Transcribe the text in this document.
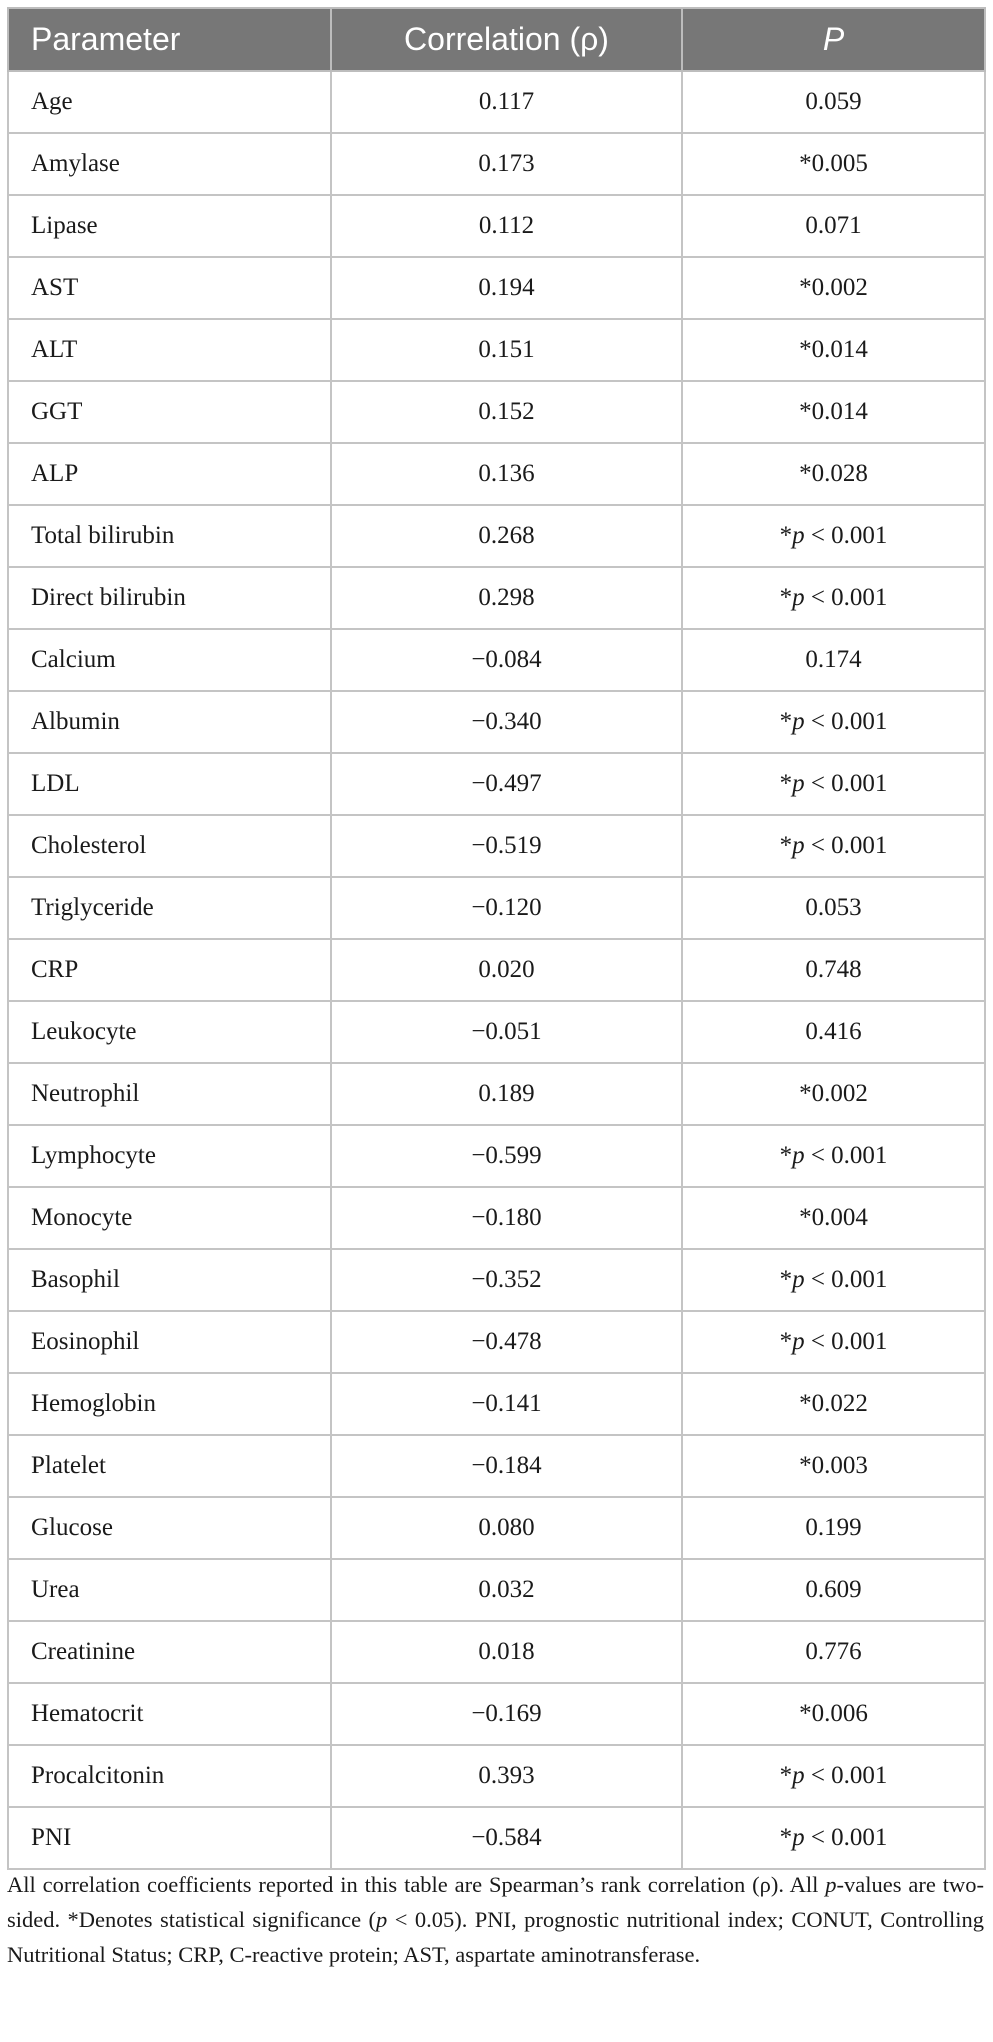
Parameter	Correlation (ρ)	P
Age	0.117	0.059
Amylase	0.173	*0.005
Lipase	0.112	0.071
AST	0.194	*0.002
ALT	0.151	*0.014
GGT	0.152	*0.014
ALP	0.136	*0.028
Total bilirubin	0.268	*p < 0.001
Direct bilirubin	0.298	*p < 0.001
Calcium	−0.084	0.174
Albumin	−0.340	*p < 0.001
LDL	−0.497	*p < 0.001
Cholesterol	−0.519	*p < 0.001
Triglyceride	−0.120	0.053
CRP	0.020	0.748
Leukocyte	−0.051	0.416
Neutrophil	0.189	*0.002
Lymphocyte	−0.599	*p < 0.001
Monocyte	−0.180	*0.004
Basophil	−0.352	*p < 0.001
Eosinophil	−0.478	*p < 0.001
Hemoglobin	−0.141	*0.022
Platelet	−0.184	*0.003
Glucose	0.080	0.199
Urea	0.032	0.609
Creatinine	0.018	0.776
Hematocrit	−0.169	*0.006
Procalcitonin	0.393	*p < 0.001
PNI	−0.584	*p < 0.001
All correlation coefficients reported in this table are Spearman’s rank correlation (ρ). All p-values are two-sided. *Denotes statistical significance (p < 0.05). PNI, prognostic nutritional index; CONUT, Controlling Nutritional Status; CRP, C-reactive protein; AST, aspartate aminotransferase.
